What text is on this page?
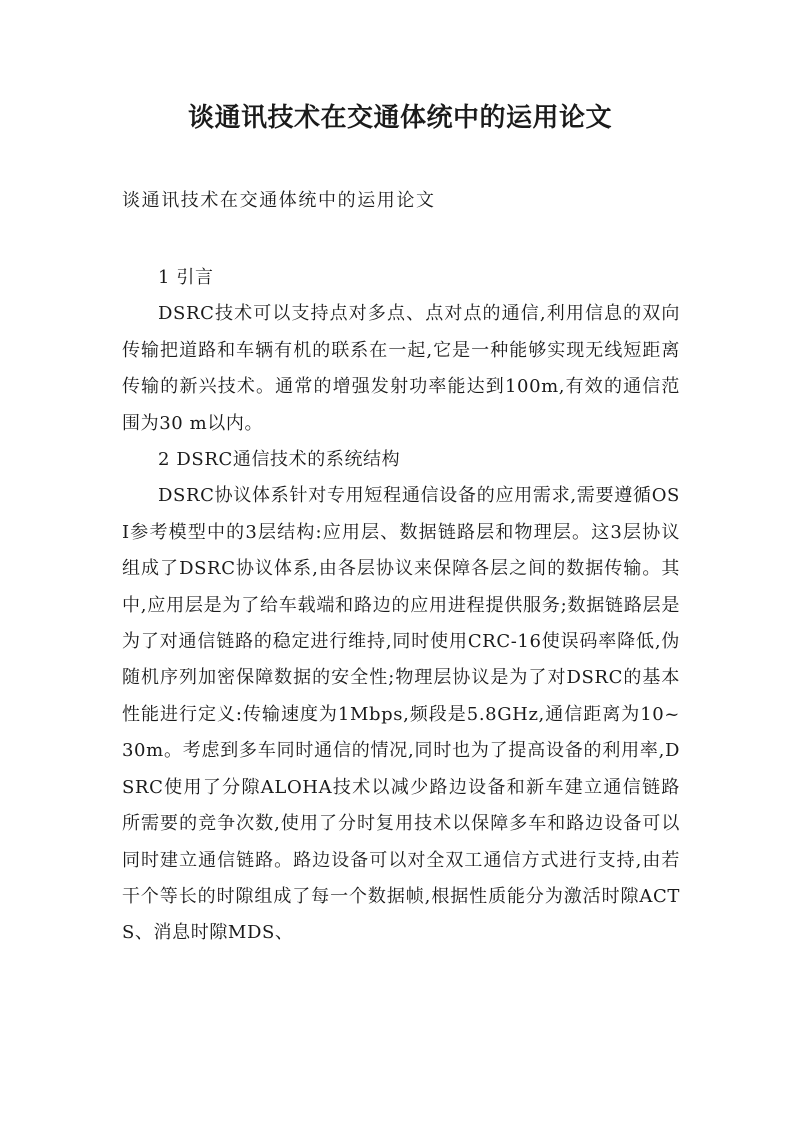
谈通讯技术在交通体统中的运用论文

谈通讯技术在交通体统中的运用论文

1 引言

DSRC技术可以支持点对多点、点对点的通信,利用信息的双向传输把道路和车辆有机的联系在一起,它是一种能够实现无线短距离传输的新兴技术。通常的增强发射功率能达到100m,有效的通信范围为30 m以内。

2 DSRC通信技术的系统结构

DSRC协议体系针对专用短程通信设备的应用需求,需要遵循OSI参考模型中的3层结构:应用层、数据链路层和物理层。这3层协议组成了DSRC协议体系,由各层协议来保障各层之间的数据传输。其中,应用层是为了给车载端和路边的应用进程提供服务;数据链路层是为了对通信链路的稳定进行维持,同时使用CRC-16使误码率降低,伪随机序列加密保障数据的安全性;物理层协议是为了对DSRC的基本性能进行定义:传输速度为1Mbps,频段是5.8GHz,通信距离为10~30m。考虑到多车同时通信的情况,同时也为了提高设备的利用率,DSRC使用了分隙ALOHA技术以减少路边设备和新车建立通信链路所需要的竞争次数,使用了分时复用技术以保障多车和路边设备可以同时建立通信链路。路边设备可以对全双工通信方式进行支持,由若干个等长的时隙组成了每一个数据帧,根据性质能分为激活时隙ACTS、消息时隙MDS、
